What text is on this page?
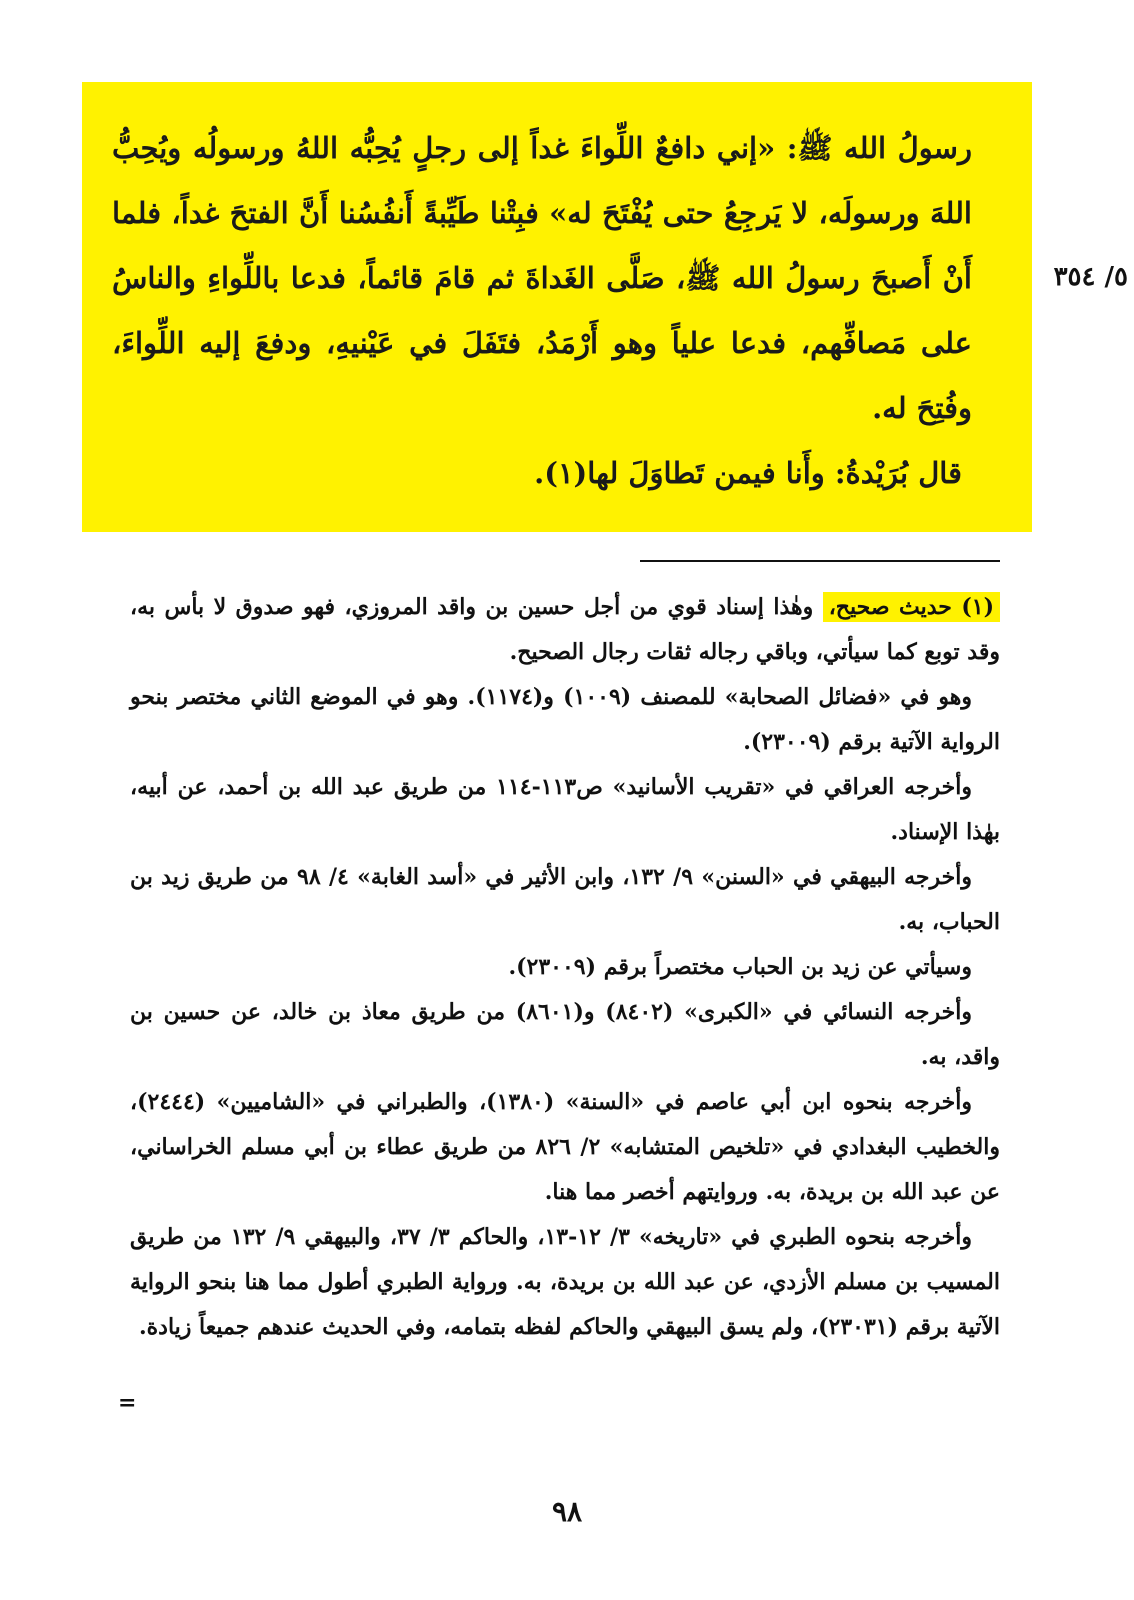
رسولُ الله ﷺ: «إني دافعٌ اللِّواءَ غداً إلى رجلٍ يُحِبُّه اللهُ ورسولُه ويُحِبُّ اللهَ ورسولَه، لا يَرجِعُ حتى يُفْتَحَ له» فبِتْنا طَيِّبةً أَنفُسُنا أَنَّ الفتحَ غداً، فلما أَنْ أَصبحَ رسولُ الله ﷺ، صَلَّى الغَداةَ ثم قامَ قائماً، فدعا باللِّواءِ والناسُ على مَصافِّهم، فدعا علياً وهو أَرْمَدُ، فتَفَلَ في عَيْنيهِ، ودفعَ إليه اللِّواءَ، وفُتِحَ له.

قال بُرَيْدةُ: وأَنا فيمن تَطاوَلَ لها(١).

٥/ ٣٥٤

(١) حديث صحيح، وهٰذا إسناد قوي من أجل حسين بن واقد المروزي، فهو صدوق لا بأس به، وقد توبع كما سيأتي، وباقي رجاله ثقات رجال الصحيح.

وهو في «فضائل الصحابة» للمصنف (١٠٠٩) و(١١٧٤). وهو في الموضع الثاني مختصر بنحو الرواية الآتية برقم (٢٣٠٠٩).

وأخرجه العراقي في «تقريب الأسانيد» ص١١٣-١١٤ من طريق عبد الله بن أحمد، عن أبيه، بهٰذا الإسناد.

وأخرجه البيهقي في «السنن» ٩/ ١٣٢، وابن الأثير في «أسد الغابة» ٤/ ٩٨ من طريق زيد بن الحباب، به.

وسيأتي عن زيد بن الحباب مختصراً برقم (٢٣٠٠٩).

وأخرجه النسائي في «الكبرى» (٨٤٠٢) و(٨٦٠١) من طريق معاذ بن خالد، عن حسين بن واقد، به.

وأخرجه بنحوه ابن أبي عاصم في «السنة» (١٣٨٠)، والطبراني في «الشاميين» (٢٤٤٤)، والخطيب البغدادي في «تلخيص المتشابه» ٢/ ٨٢٦ من طريق عطاء بن أبي مسلم الخراساني، عن عبد الله بن بريدة، به. وروايتهم أخصر مما هنا.

وأخرجه بنحوه الطبري في «تاريخه» ٣/ ١٢-١٣، والحاكم ٣/ ٣٧، والبيهقي ٩/ ١٣٢ من طريق المسيب بن مسلم الأزدي، عن عبد الله بن بريدة، به. ورواية الطبري أطول مما هنا بنحو الرواية الآتية برقم (٢٣٠٣١)، ولم يسق البيهقي والحاكم لفظه بتمامه، وفي الحديث عندهم جميعاً زيادة.

=
٩٨
